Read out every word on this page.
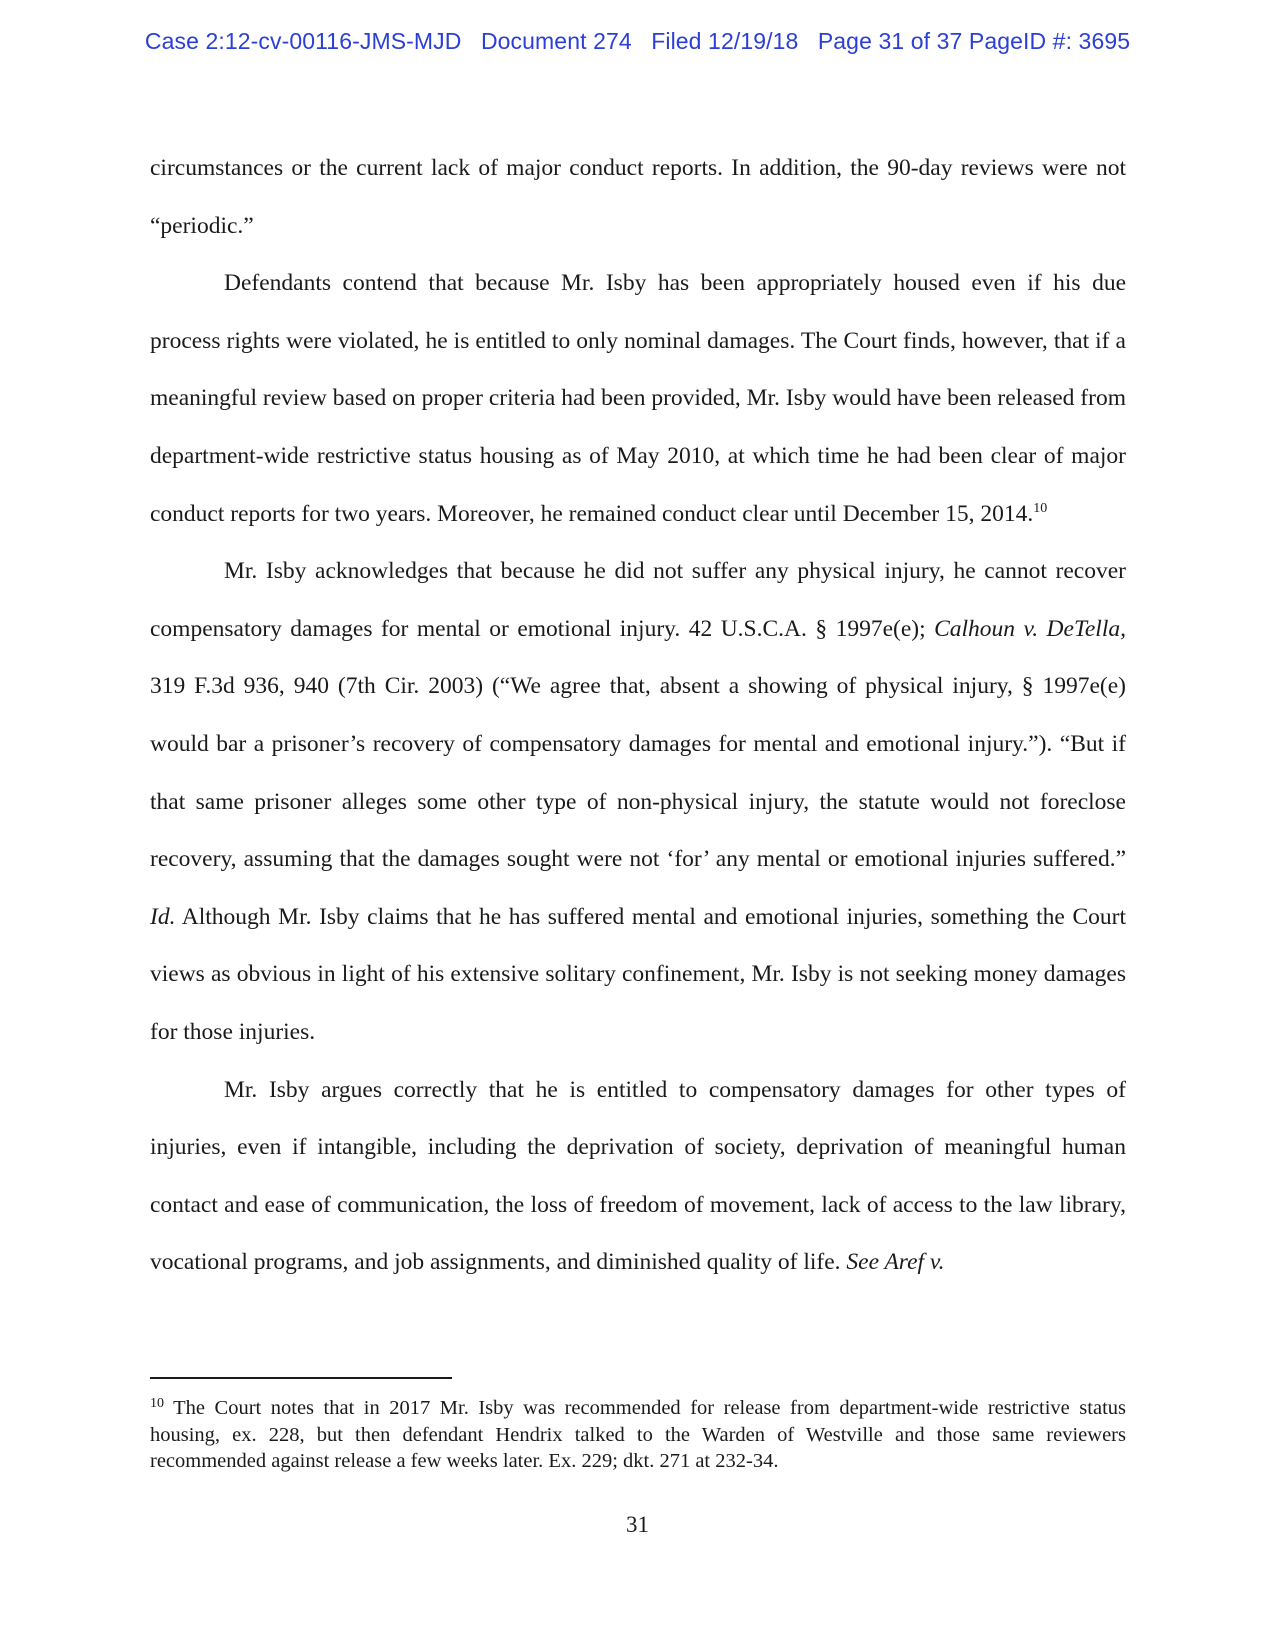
Case 2:12-cv-00116-JMS-MJD   Document 274   Filed 12/19/18   Page 31 of 37 PageID #: 3695

circumstances or the current lack of major conduct reports. In addition, the 90-day reviews were not “periodic.”

Defendants contend that because Mr. Isby has been appropriately housed even if his due process rights were violated, he is entitled to only nominal damages. The Court finds, however, that if a meaningful review based on proper criteria had been provided, Mr. Isby would have been released from department-wide restrictive status housing as of May 2010, at which time he had been clear of major conduct reports for two years. Moreover, he remained conduct clear until December 15, 2014.10

Mr. Isby acknowledges that because he did not suffer any physical injury, he cannot recover compensatory damages for mental or emotional injury. 42 U.S.C.A. § 1997e(e); Calhoun v. DeTella, 319 F.3d 936, 940 (7th Cir. 2003) (“We agree that, absent a showing of physical injury, § 1997e(e) would bar a prisoner’s recovery of compensatory damages for mental and emotional injury.”). “But if that same prisoner alleges some other type of non-physical injury, the statute would not foreclose recovery, assuming that the damages sought were not ‘for’ any mental or emotional injuries suffered.” Id. Although Mr. Isby claims that he has suffered mental and emotional injuries, something the Court views as obvious in light of his extensive solitary confinement, Mr. Isby is not seeking money damages for those injuries.

Mr. Isby argues correctly that he is entitled to compensatory damages for other types of injuries, even if intangible, including the deprivation of society, deprivation of meaningful human contact and ease of communication, the loss of freedom of movement, lack of access to the law library, vocational programs, and job assignments, and diminished quality of life. See Aref v.

$^{10}$ The Court notes that in 2017 Mr. Isby was recommended for release from department-wide restrictive status housing, ex. 228, but then defendant Hendrix talked to the Warden of Westville and those same reviewers recommended against release a few weeks later. Ex. 229; dkt. 271 at 232-34.
31
